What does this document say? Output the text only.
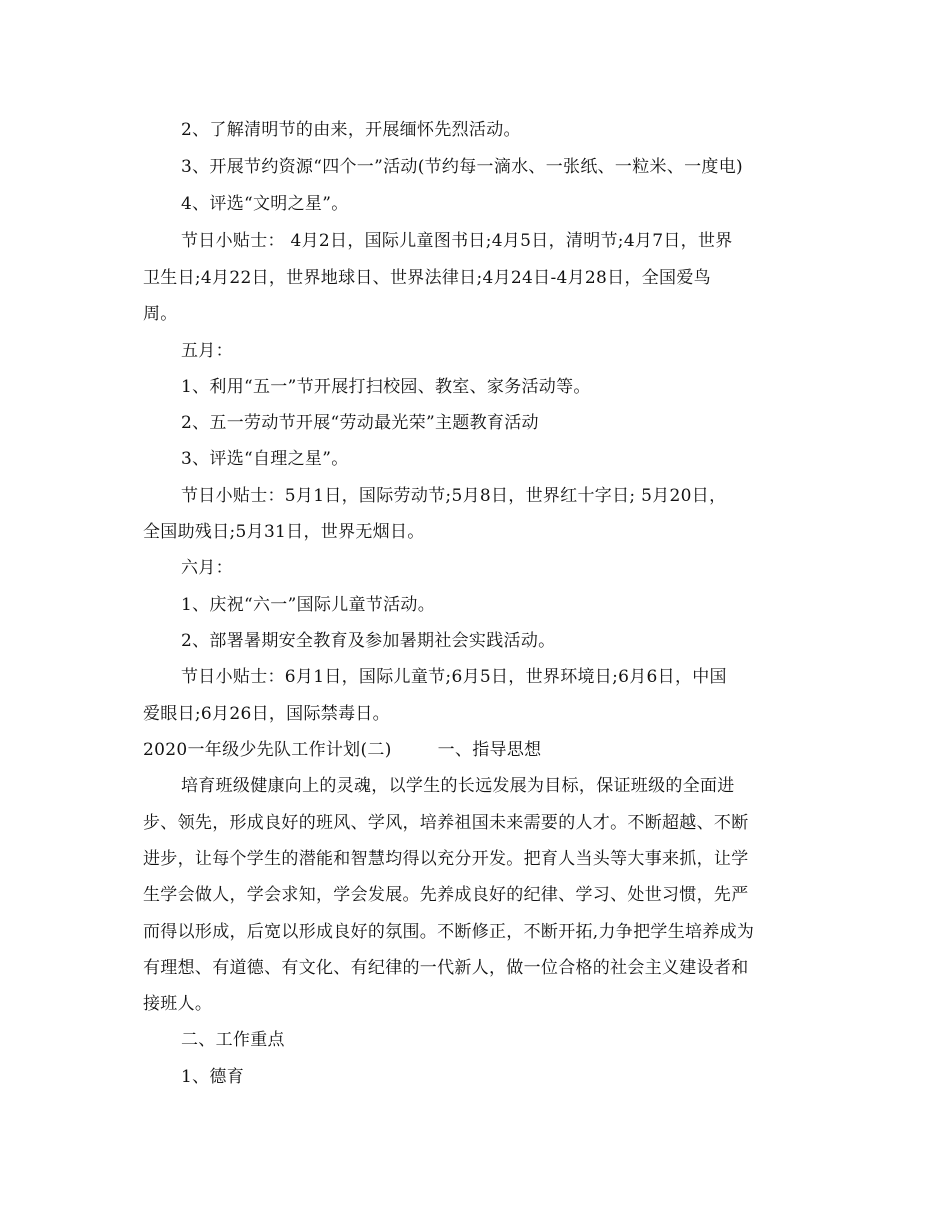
2、了解清明节的由来，开展缅怀先烈活动。
3、开展节约资源“四个一”活动(节约每一滴水、一张纸、一粒米、一度电)
4、评选“文明之星”。
节日小贴士： 4月2日，国际儿童图书日;4月5日，清明节;4月7日，世界
卫生日;4月22日，世界地球日、世界法律日;4月24日-4月28日，全国爱鸟
周。
五月：
1、利用“五一”节开展打扫校园、教室、家务活动等。
2、五一劳动节开展“劳动最光荣”主题教育活动
3、评选“自理之星”。
节日小贴士：5月1日，国际劳动节;5月8日，世界红十字日; 5月20日，
全国助残日;5月31日，世界无烟日。
六月：
1、庆祝“六一”国际儿童节活动。
2、部署暑期安全教育及参加暑期社会实践活动。
节日小贴士：6月1日，国际儿童节;6月5日，世界环境日;6月6日，中国
爱眼日;6月26日，国际禁毒日。
2020一年级少先队工作计划(二)	一、指导思想
培育班级健康向上的灵魂，以学生的长远发展为目标，保证班级的全面进
步、领先，形成良好的班风、学风，培养祖国未来需要的人才。不断超越、不断
进步，让每个学生的潜能和智慧均得以充分开发。把育人当头等大事来抓，让学
生学会做人，学会求知，学会发展。先养成良好的纪律、学习、处世习惯，先严
而得以形成，后宽以形成良好的氛围。不断修正，不断开拓,力争把学生培养成为
有理想、有道德、有文化、有纪律的一代新人，做一位合格的社会主义建设者和
接班人。
二、工作重点
1、德育
